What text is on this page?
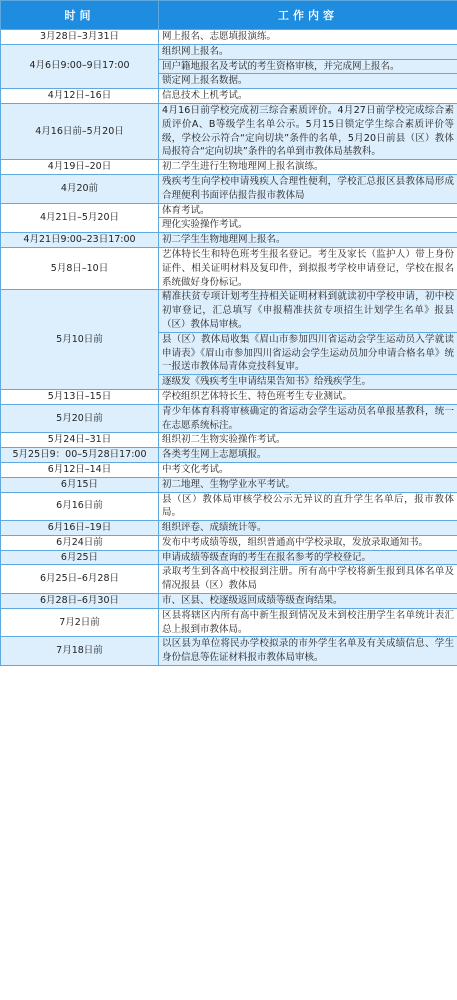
时间	工作内容
3月28日–3月31日	网上报名、志愿填报演练。

4月6日9:00–9日17:00	组织网上报名。
回户籍地报名及考试的考生资格审核，并完成网上报名。
锁定网上报名数据。

4月12日–16日	信息技术上机考试。

4月16日前–5月20日	4月16日前学校完成初三综合素质评价。4月27日前学校完成综合素质评价A、B等级学生名单公示。5月15日锁定学生综合素质评价等级，学校公示符合“定向切块”条件的名单，5月20日前县（区）教体局报符合“定向切块”条件的名单到市教体局基教科。

4月19日–20日	初二学生进行生物地理网上报名演练。

4月20前	残疾考生向学校申请残疾人合理性便利，学校汇总报区县教体局形成合理便利书面评估报告报市教体局

4月21日–5月20日	体育考试。
理化实验操作考试。

4月21日9:00–23日17:00	初二学生生物地理网上报名。

5月8日–10日	艺体特长生和特色班考生报名登记。考生及家长（监护人）带上身份证件、相关证明材料及复印件，到拟报考学校申请登记，学校在报名系统做好身份标记。

5月10日前	精准扶贫专项计划考生持相关证明材料到就读初中学校申请，初中校初审登记，汇总填写《申报精准扶贫专项招生计划学生名单》报县（区）教体局审核。
县（区）教体局收集《眉山市参加四川省运动会学生运动员入学就读申请表》《眉山市参加四川省运动会学生运动员加分申请合格名单》统一报送市教体局青体竞技科复审。
逐级发《残疾考生申请结果告知书》给残疾学生。

5月13日–15日	学校组织艺体特长生、特色班考生专业测试。

5月20日前	青少年体育科将审核确定的省运动会学生运动员名单报基教科，统一在志愿系统标注。

5月24日–31日	组织初二生物实验操作考试。

5月25日9：00–5月28日17:00	各类考生网上志愿填报。

6月12日–14日	中考文化考试。

6月15日	初二地理、生物学业水平考试。

6月16日前	县（区）教体局审核学校公示无异议的直升学生名单后，报市教体局。

6月16日–19日	组织评卷、成绩统计等。

6月24日前	发布中考成绩等级，组织普通高中学校录取，发放录取通知书。

6月25日	申请成绩等级查询的考生在报名参考的学校登记。

6月25日–6月28日	录取考生到各高中校报到注册。所有高中学校将新生报到具体名单及情况报县（区）教体局

6月28日–6月30日	市、区县、校逐级返回成绩等级查询结果。

7月2日前	区县将辖区内所有高中新生报到情况及未到校注册学生名单统计表汇总上报到市教体局。

7月18日前	以区县为单位将民办学校拟录的市外学生名单及有关成绩信息、学生身份信息等佐证材料报市教体局审核。
